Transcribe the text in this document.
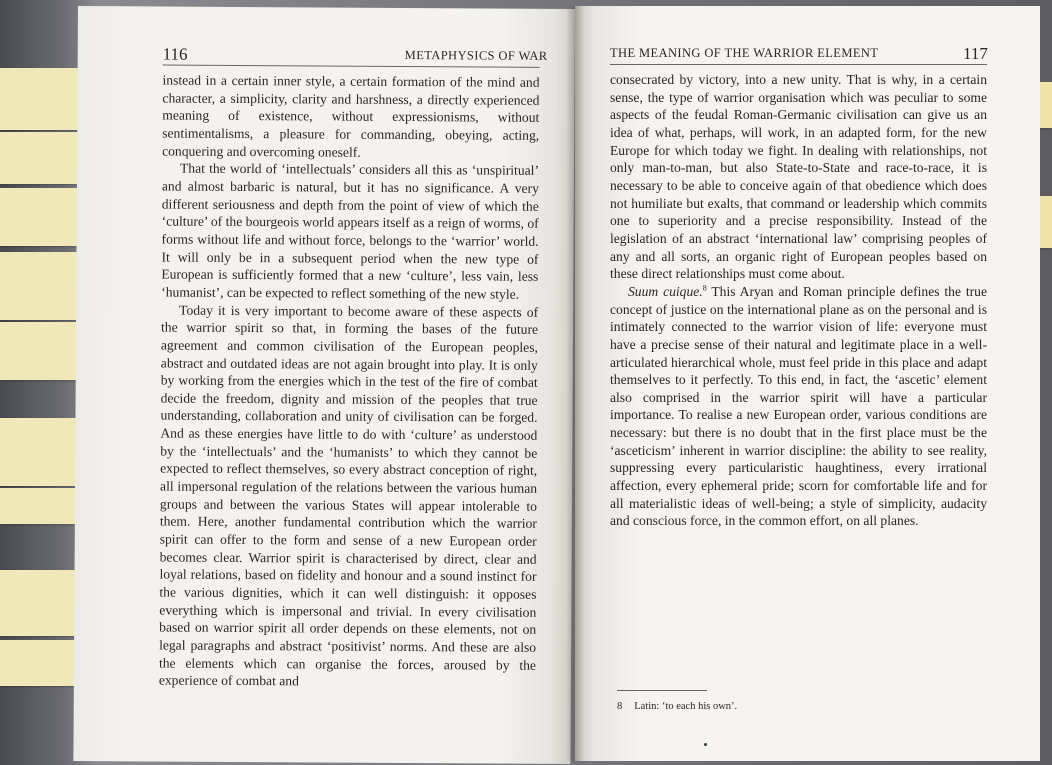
116	METAPHYSICS OF WAR

instead in a certain inner style, a certain formation of the mind and character, a simplicity, clarity and harshness, a directly experienced meaning of existence, without expressionisms, without sentimentalisms, a pleasure for commanding, obeying, acting, conquering and overcoming oneself.

That the world of ‘intellectuals’ considers all this as ‘unspiritual’ and almost barbaric is natural, but it has no significance. A very different seriousness and depth from the point of view of which the ‘culture’ of the bourgeois world appears itself as a reign of worms, of forms without life and without force, belongs to the ‘warrior’ world. It will only be in a subsequent period when the new type of European is sufficiently formed that a new ‘culture’, less vain, less ‘humanist’, can be expected to reflect something of the new style.

Today it is very important to become aware of these aspects of the warrior spirit so that, in forming the bases of the future agreement and common civilisation of the European peoples, abstract and outdated ideas are not again brought into play. It is only by working from the energies which in the test of the fire of combat decide the freedom, dignity and mission of the peoples that true understanding, collaboration and unity of civilisation can be forged. And as these energies have little to do with ‘culture’ as understood by the ‘intellectuals’ and the ‘humanists’ to which they cannot be expected to reflect themselves, so every abstract conception of right, all impersonal regulation of the relations between the various human groups and between the various States will appear intolerable to them. Here, another fundamental contribution which the warrior spirit can offer to the form and sense of a new European order becomes clear. Warrior spirit is characterised by direct, clear and loyal relations, based on fidelity and honour and a sound instinct for the various dignities, which it can well distinguish: it opposes everything which is impersonal and trivial. In every civilisation based on warrior spirit all order depends on these elements, not on legal paragraphs and abstract ‘positivist’ norms. And these are also the elements which can organise the forces, aroused by the experience of combat and

THE MEANING OF THE WARRIOR ELEMENT	117

consecrated by victory, into a new unity. That is why, in a certain sense, the type of warrior organisation which was peculiar to some aspects of the feudal Roman-Germanic civilisation can give us an idea of what, perhaps, will work, in an adapted form, for the new Europe for which today we fight. In dealing with relationships, not only man-to-man, but also State-to-State and race-to-race, it is necessary to be able to conceive again of that obedience which does not humiliate but exalts, that command or leadership which commits one to superiority and a precise responsibility. Instead of the legislation of an abstract ‘international law’ comprising peoples of any and all sorts, an organic right of European peoples based on these direct relationships must come about.

Suum cuique.$^8$ This Aryan and Roman principle defines the true concept of justice on the international plane as on the personal and is intimately connected to the warrior vision of life: everyone must have a precise sense of their natural and legitimate place in a well-articulated hierarchical whole, must feel pride in this place and adapt themselves to it perfectly. To this end, in fact, the ‘ascetic’ element also comprised in the warrior spirit will have a particular importance. To realise a new European order, various conditions are necessary: but there is no doubt that in the first place must be the ‘asceticism’ inherent in warrior discipline: the ability to see reality, suppressing every particularistic haughtiness, every irrational affection, every ephemeral pride; scorn for comfortable life and for all materialistic ideas of well-being; a style of simplicity, audacity and conscious force, in the common effort, on all planes.

8 Latin: ‘to each his own’.
